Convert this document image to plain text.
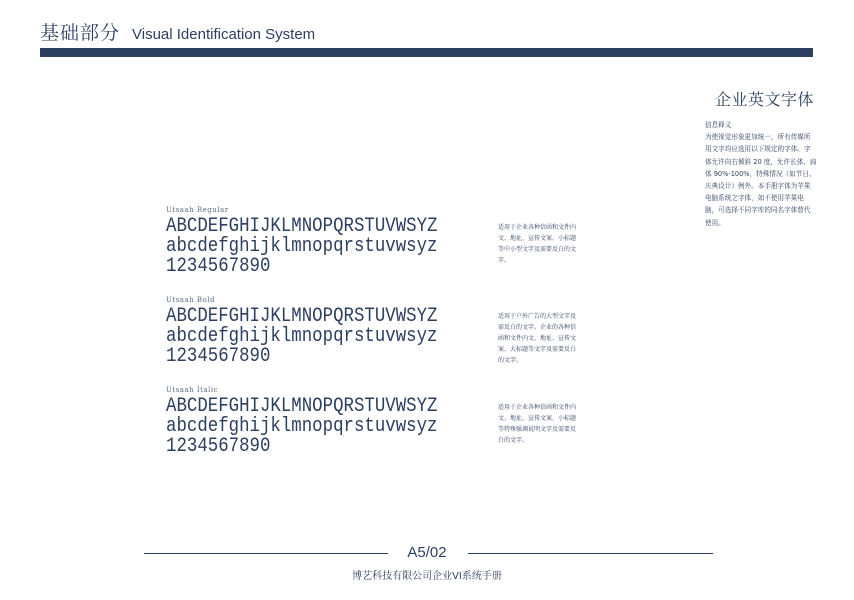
基础部分 Visual Identification System
企业英文字体
信息释义
为使视觉形象更加统一，所有传媒所用文字均应选用以下规定的字体。字体允许向右倾斜 20 度，允许长体、扁体 90%-100%，特殊情况（如节日、庆典设计）例外。本手册字体为苹果电脑系统之字体，如不使用苹果电脑，可选择不同字库的同名字体替代使用。
Utsaah Regular
ABCDEFGHIJKLMNOPQRSTUVWSYZ
abcdefghijklmnopqrstuvwsyz
1234567890
适用于企业各种信函和文件内文、地址、宣传文案、小标题等中小型文字及需要反白的文字。
Utsaah Bold
ABCDEFGHIJKLMNOPQRSTUVWSYZ
abcdefghijklmnopqrstuvwsyz
1234567890
适用于户外广告的大型文字及需反白的文字。企业的各种信函和文件内文、地址、宣传文案、大标题等文字及需要反白的文字。
Utsaah Italic
ABCDEFGHIJKLMNOPQRSTUVWSYZ
abcdefghijklmnopqrstuvwsyz
1234567890
适用于企业各种信函和文件内文、地址、宣传文案、小标题等特殊强调说明文字及需要反白的文字。
A5/02
博艺科技有限公司企业VI系统手册
